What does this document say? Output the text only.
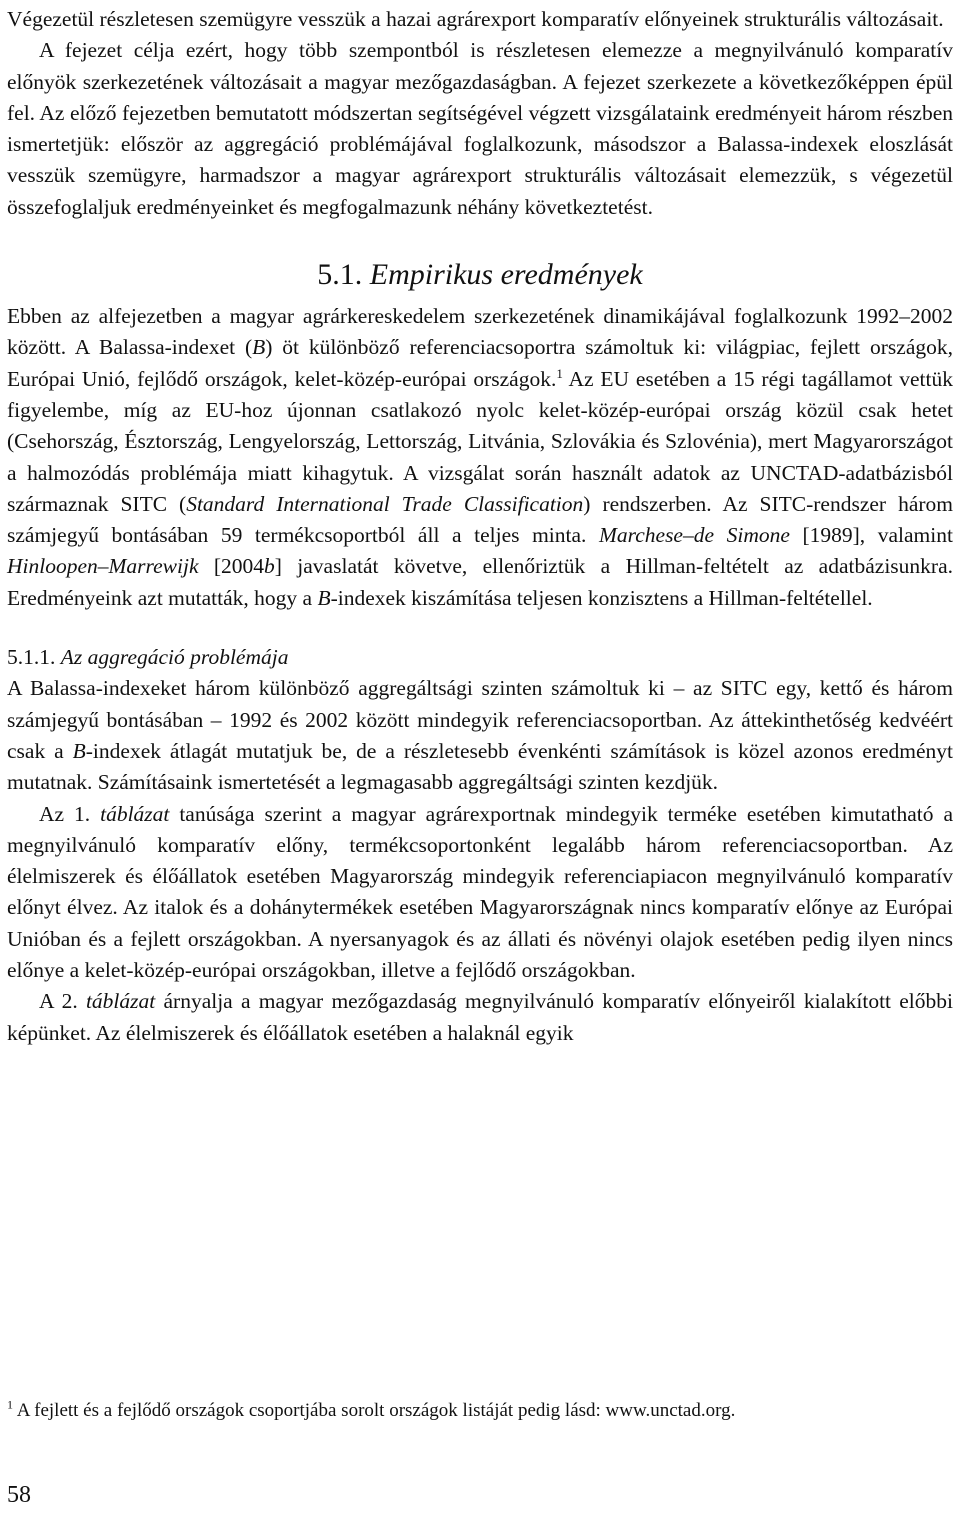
Végezetül részletesen szemügyre vesszük a hazai agrárexport komparatív előnyeinek strukturális változásait.

A fejezet célja ezért, hogy több szempontból is részletesen elemezze a megnyilvánuló komparatív előnyök szerkezetének változásait a magyar mezőgazdaságban. A fejezet szerkezete a következőképpen épül fel. Az előző fejezetben bemutatott módszertan segítségével végzett vizsgálataink eredményeit három részben ismertetjük: először az aggregáció problémájával foglalkozunk, másodszor a Balassa-indexek eloszlását vesszük szemügyre, harmadszor a magyar agrárexport strukturális változásait elemezzük, s végezetül összefoglaljuk eredményeinket és megfogalmazunk néhány következtetést.

5.1. Empirikus eredmények

Ebben az alfejezetben a magyar agrárkereskedelem szerkezetének dinamikájával foglalkozunk 1992–2002 között. A Balassa-indexet (B) öt különböző referenciacsoportra számoltuk ki: világpiac, fejlett országok, Európai Unió, fejlődő országok, kelet-közép-európai országok.$^1$ Az EU esetében a 15 régi tagállamot vettük figyelembe, míg az EU-hoz újonnan csatlakozó nyolc kelet-közép-európai ország közül csak hetet (Csehország, Észtország, Lengyelország, Lettország, Litvánia, Szlovákia és Szlovénia), mert Magyarországot a halmozódás problémája miatt kihagytuk. A vizsgálat során használt adatok az UNCTAD-adatbázisból származnak SITC (Standard International Trade Classification) rendszerben. Az SITC-rendszer három számjegyű bontásában 59 termékcsoportból áll a teljes minta. Marchese–de Simone [1989], valamint Hinloopen–Marrewijk [2004b] javaslatát követve, ellenőriztük a Hillman-feltételt az adatbázisunkra. Eredményeink azt mutatták, hogy a B-indexek kiszámítása teljesen konzisztens a Hillman-feltétellel.

5.1.1. Az aggregáció problémája

A Balassa-indexeket három különböző aggregáltsági szinten számoltuk ki – az SITC egy, kettő és három számjegyű bontásában – 1992 és 2002 között mindegyik referenciacsoportban. Az áttekinthetőség kedvéért csak a B-indexek átlagát mutatjuk be, de a részletesebb évenkénti számítások is közel azonos eredményt mutatnak. Számításaink ismertetését a legmagasabb aggregáltsági szinten kezdjük.

Az 1. táblázat tanúsága szerint a magyar agrárexportnak mindegyik terméke esetében kimutatható a megnyilvánuló komparatív előny, termékcsoportonként legalább három referenciacsoportban. Az élelmiszerek és élőállatok esetében Magyarország mindegyik referenciapiacon megnyilvánuló komparatív előnyt élvez. Az italok és a dohánytermékek esetében Magyarországnak nincs komparatív előnye az Európai Unióban és a fejlett országokban. A nyersanyagok és az állati és növényi olajok esetében pedig ilyen nincs előnye a kelet-közép-európai országokban, illetve a fejlődő országokban.

A 2. táblázat árnyalja a magyar mezőgazdaság megnyilvánuló komparatív előnyeiről kialakított előbbi képünket. Az élelmiszerek és élőállatok esetében a halaknál egyik

$^1$ A fejlett és a fejlődő országok csoportjába sorolt országok listáját pedig lásd: www.unctad.org.
58
